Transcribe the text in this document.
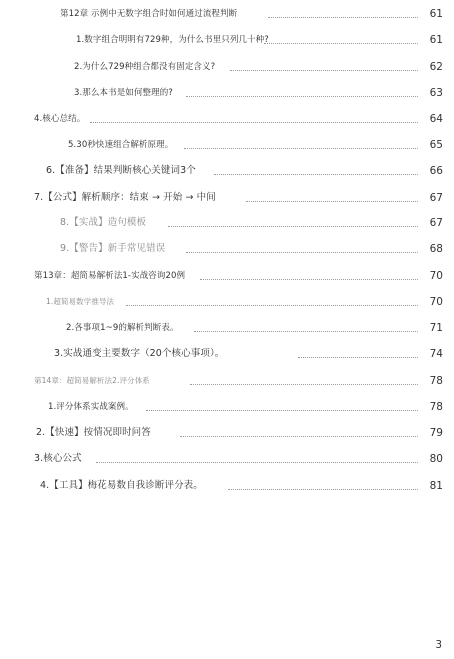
第12章 示例中无数字组合时如何通过流程判断	61
1.数字组合明明有729种，为什么书里只列几十种?	61
2.为什么729种组合都没有固定含义?	62
3.那么本书是如何整理的?	63
4.核心总结。	64
5.30秒快速组合解析原理。	65
6.【准备】结果判断核心关键词3个	66
7.【公式】解析顺序：结束 → 开始 → 中间	67
8.【实战】造句模板	67
9.【警告】新手常见错误	68
第13章：超简易解析法1-实战咨询20例	70
1.超简易数学推导法	70
2.各事项1~9的解析判断表。	71
3.实战通变主要数字（20个核心事项）。	74
第14章：超简易解析法2.评分体系	78
1.评分体系实战案例。	78
2.【快速】按情况即时问答	79
3.核心公式	80
4.【工具】梅花易数自我诊断评分表。	81
3
